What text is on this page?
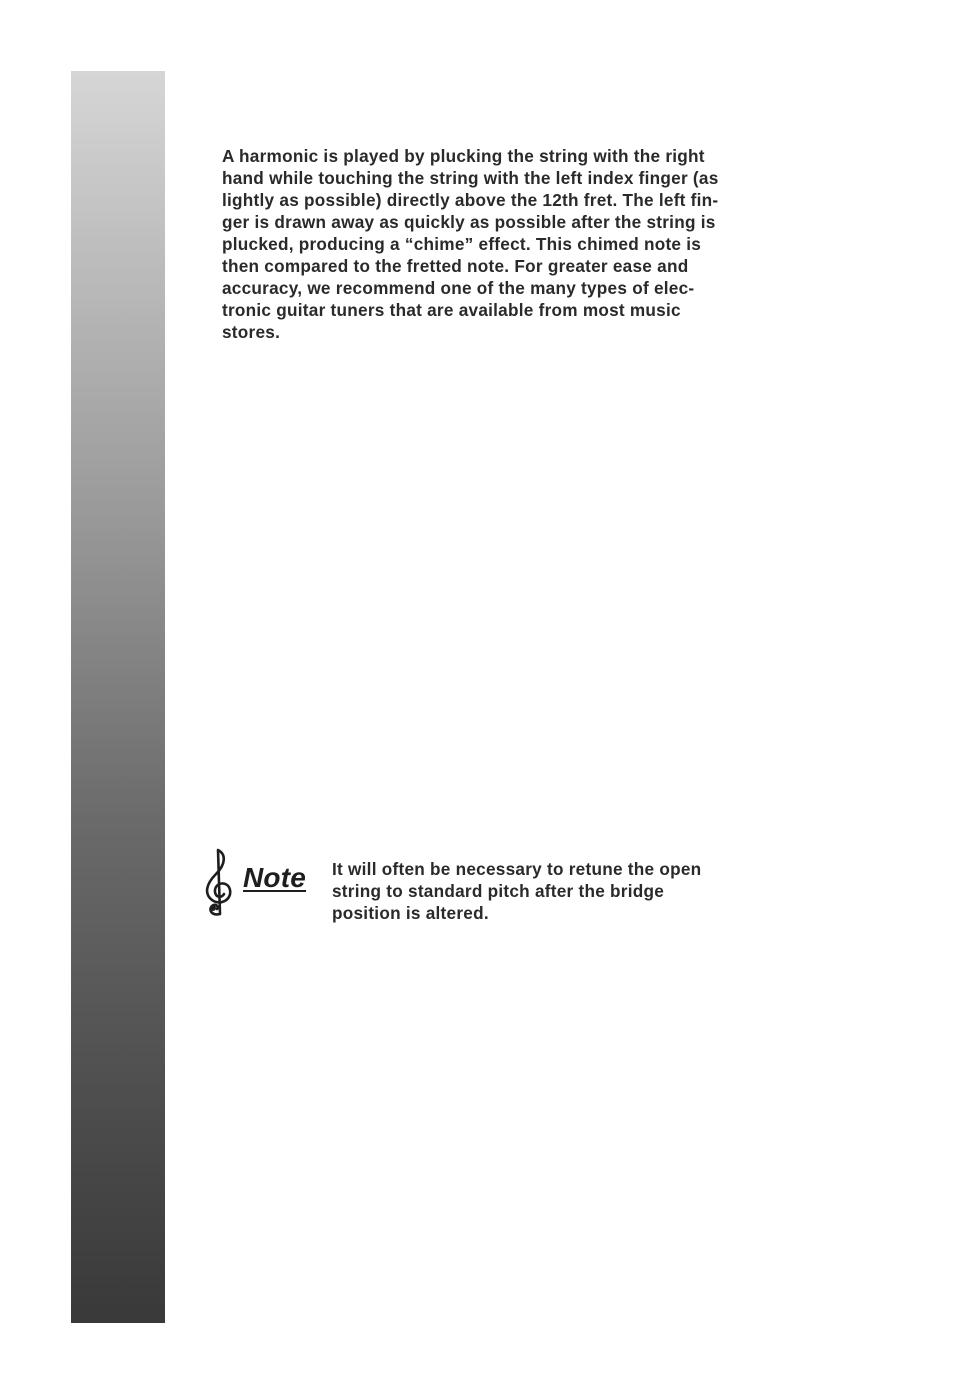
A harmonic is played by plucking the string with the right
hand while touching the string with the left index finger (as
lightly as possible) directly above the 12th fret. The left fin-
ger is drawn away as quickly as possible after the string is
plucked, producing a “chime” effect. This chimed note is
then compared to the fretted note. For greater ease and
accuracy, we recommend one of the many types of elec-
tronic guitar tuners that are available from most music
stores.

Note It will often be necessary to retune the open
string to standard pitch after the bridge
position is altered.
